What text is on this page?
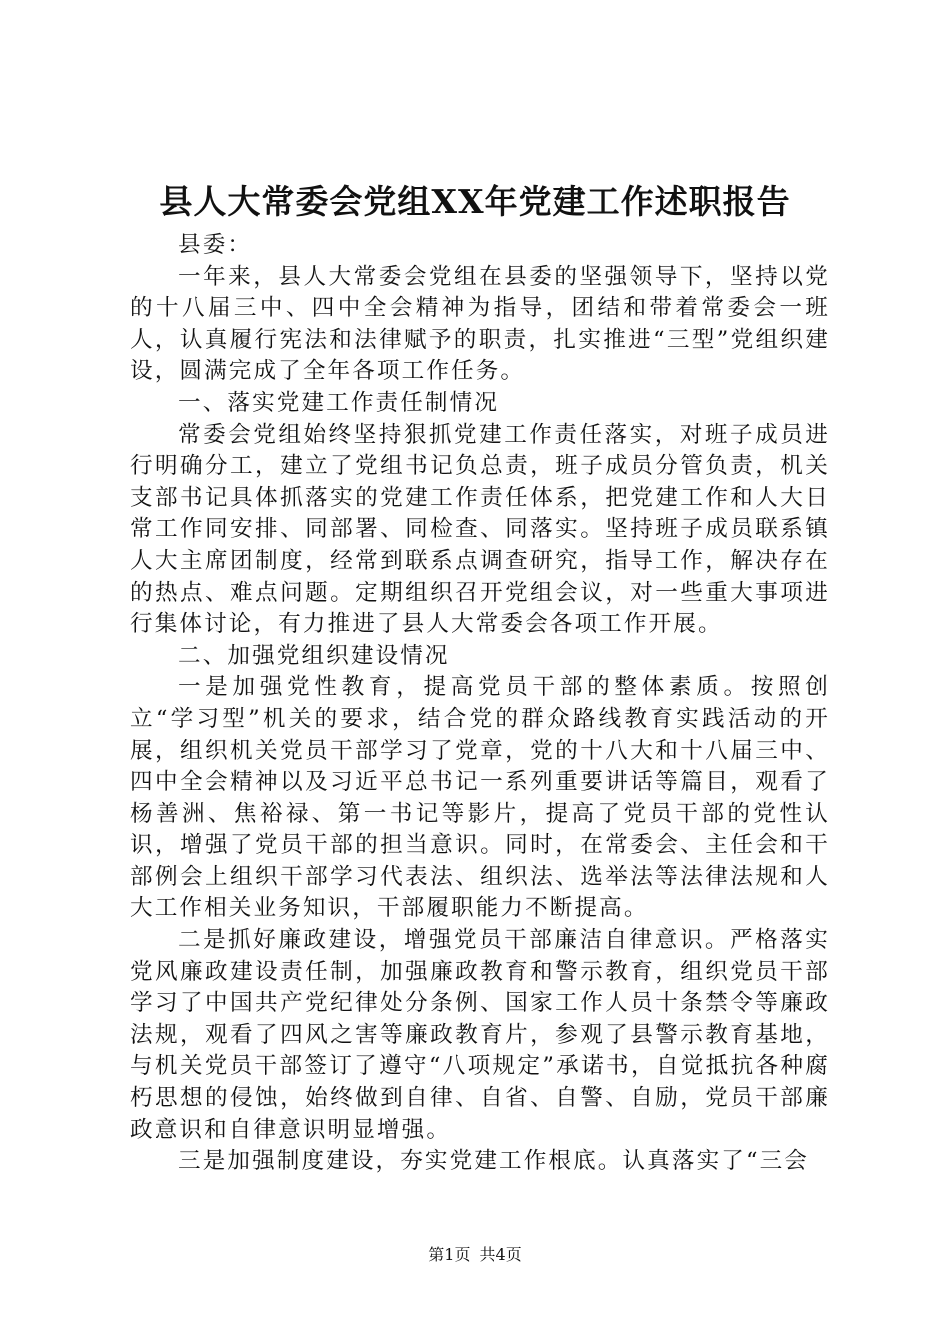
县人大常委会党组XX年党建工作述职报告

县委：

一年来，县人大常委会党组在县委的坚强领导下，坚持以党的十八届三中、四中全会精神为指导，团结和带着常委会一班人，认真履行宪法和法律赋予的职责，扎实推进“三型”党组织建设，圆满完成了全年各项工作任务。

一、落实党建工作责任制情况

常委会党组始终坚持狠抓党建工作责任落实，对班子成员进行明确分工，建立了党组书记负总责，班子成员分管负责，机关支部书记具体抓落实的党建工作责任体系，把党建工作和人大日常工作同安排、同部署、同检查、同落实。坚持班子成员联系镇人大主席团制度，经常到联系点调查研究，指导工作，解决存在的热点、难点问题。定期组织召开党组会议，对一些重大事项进行集体讨论，有力推进了县人大常委会各项工作开展。

二、加强党组织建设情况

一是加强党性教育，提高党员干部的整体素质。按照创立“学习型”机关的要求，结合党的群众路线教育实践活动的开展，组织机关党员干部学习了党章，党的十八大和十八届三中、四中全会精神以及习近平总书记一系列重要讲话等篇目，观看了杨善洲、焦裕禄、第一书记等影片，提高了党员干部的党性认识，增强了党员干部的担当意识。同时，在常委会、主任会和干部例会上组织干部学习代表法、组织法、选举法等法律法规和人大工作相关业务知识，干部履职能力不断提高。

二是抓好廉政建设，增强党员干部廉洁自律意识。严格落实党风廉政建设责任制，加强廉政教育和警示教育，组织党员干部学习了中国共产党纪律处分条例、国家工作人员十条禁令等廉政法规，观看了四风之害等廉政教育片，参观了县警示教育基地，与机关党员干部签订了遵守“八项规定”承诺书，自觉抵抗各种腐朽思想的侵蚀，始终做到自律、自省、自警、自励，党员干部廉政意识和自律意识明显增强。

三是加强制度建设，夯实党建工作根底。认真落实了“三会

第1页 共4页
